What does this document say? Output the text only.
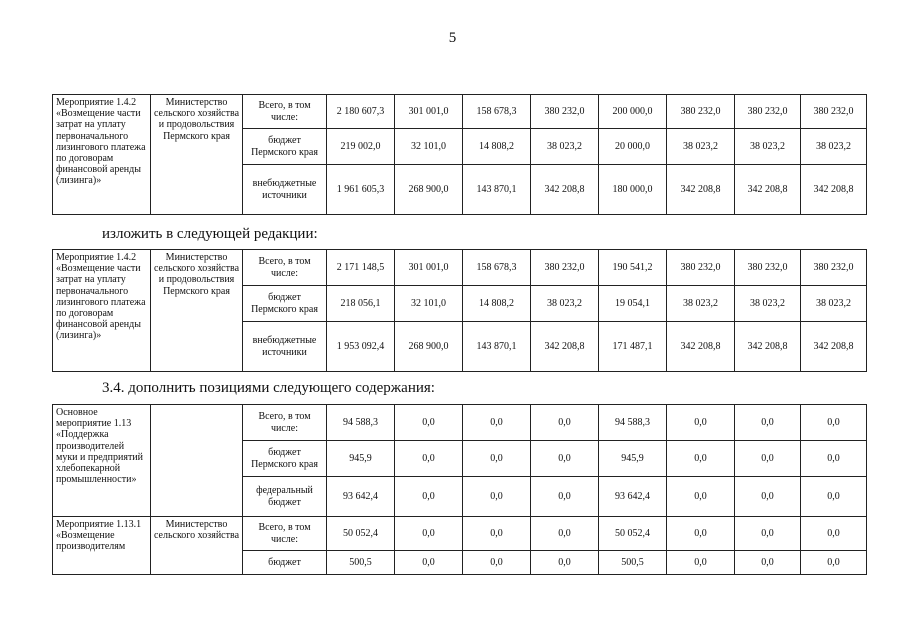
5
Мероприятие 1.4.2 «Возмещение части затрат на уплату первоначального лизингового платежа по договорам финансовой аренды (лизинга)»	Министерство сельского хозяйства и продовольствия Пермского края	Всего, в том числе:	2 180 607,3	301 001,0	158 678,3	380 232,0	200 000,0	380 232,0	380 232,0	380 232,0
		бюджет Пермского края	219 002,0	32 101,0	14 808,2	38 023,2	20 000,0	38 023,2	38 023,2	38 023,2
		внебюджетные источники	1 961 605,3	268 900,0	143 870,1	342 208,8	180 000,0	342 208,8	342 208,8	342 208,8
изложить в следующей редакции:
Мероприятие 1.4.2 «Возмещение части затрат на уплату первоначального лизингового платежа по договорам финансовой аренды (лизинга)»	Министерство сельского хозяйства и продовольствия Пермского края	Всего, в том числе:	2 171 148,5	301 001,0	158 678,3	380 232,0	190 541,2	380 232,0	380 232,0	380 232,0
		бюджет Пермского края	218 056,1	32 101,0	14 808,2	38 023,2	19 054,1	38 023,2	38 023,2	38 023,2
		внебюджетные источники	1 953 092,4	268 900,0	143 870,1	342 208,8	171 487,1	342 208,8	342 208,8	342 208,8
3.4. дополнить позициями следующего содержания:
Основное мероприятие 1.13 «Поддержка производителей муки и предприятий хлебопекарной промышленности»		Всего, в том числе:	94 588,3	0,0	0,0	0,0	94 588,3	0,0	0,0	0,0
		бюджет Пермского края	945,9	0,0	0,0	0,0	945,9	0,0	0,0	0,0
		федеральный бюджет	93 642,4	0,0	0,0	0,0	93 642,4	0,0	0,0	0,0
Мероприятие 1.13.1 «Возмещение производителям	Министерство сельского хозяйства	Всего, в том числе:	50 052,4	0,0	0,0	0,0	50 052,4	0,0	0,0	0,0
		бюджет	500,5	0,0	0,0	0,0	500,5	0,0	0,0	0,0
